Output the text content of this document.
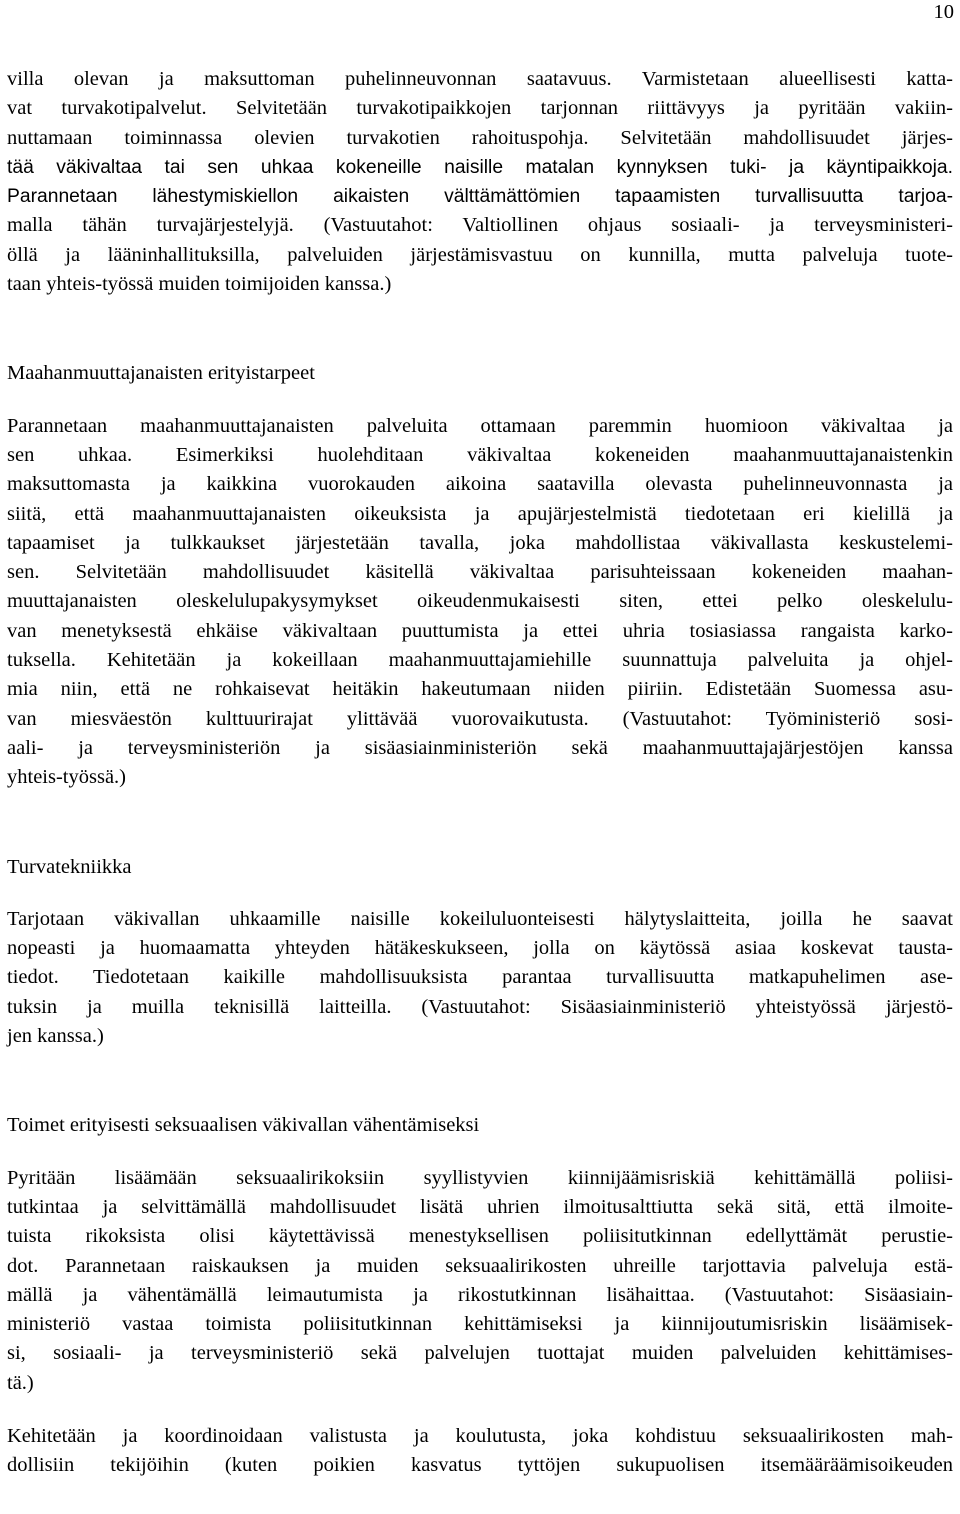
10
villa olevan ja maksuttoman puhelinneuvonnan saatavuus. Varmistetaan alueellisesti katta-
vat turvakotipalvelut. Selvitetään turvakotipaikkojen tarjonnan riittävyys ja pyritään vakiin-
nuttamaan toiminnassa olevien turvakotien rahoituspohja. Selvitetään mahdollisuudet järjes-
tää väkivaltaa tai sen uhkaa kokeneille naisille matalan kynnyksen tuki- ja käyntipaikkoja.
Parannetaan lähestymiskiellon aikaisten välttämättömien tapaamisten turvallisuutta tarjoa-
malla tähän turvajärjestelyjä. (Vastuutahot: Valtiollinen ohjaus sosiaali- ja terveysministeri-
öllä ja lääninhallituksilla, palveluiden järjestämisvastuu on kunnilla, mutta palveluja tuote-
taan yhteis-työssä muiden toimijoiden kanssa.)
Maahanmuuttajanaisten erityistarpeet
Parannetaan maahanmuuttajanaisten palveluita ottamaan paremmin huomioon väkivaltaa ja
sen uhkaa. Esimerkiksi huolehditaan väkivaltaa kokeneiden maahanmuuttajanaistenkin
maksuttomasta ja kaikkina vuorokauden aikoina saatavilla olevasta puhelinneuvonnasta ja
siitä, että maahanmuuttajanaisten oikeuksista ja apujärjestelmistä tiedotetaan eri kielillä ja
tapaamiset ja tulkkaukset järjestetään tavalla, joka mahdollistaa väkivallasta keskustelemi-
sen. Selvitetään mahdollisuudet käsitellä väkivaltaa parisuhteissaan kokeneiden maahan-
muuttajanaisten oleskelulupakysymykset oikeudenmukaisesti siten, ettei pelko oleskelulu-
van menetyksestä ehkäise väkivaltaan puuttumista ja ettei uhria tosiasiassa rangaista karko-
tuksella. Kehitetään ja kokeillaan maahanmuuttajamiehille suunnattuja palveluita ja ohjel-
mia niin, että ne rohkaisevat heitäkin hakeutumaan niiden piiriin. Edistetään Suomessa asu-
van miesväestön kulttuurirajat ylittävää vuorovaikutusta. (Vastuutahot: Työministeriö sosi-
aali- ja terveysministeriön ja sisäasiainministeriön sekä maahanmuuttajajärjestöjen kanssa
yhteis-työssä.)
Turvatekniikka
Tarjotaan väkivallan uhkaamille naisille kokeiluluonteisesti hälytyslaitteita, joilla he saavat
nopeasti ja huomaamatta yhteyden hätäkeskukseen, jolla on käytössä asiaa koskevat tausta-
tiedot. Tiedotetaan kaikille mahdollisuuksista parantaa turvallisuutta matkapuhelimen ase-
tuksin ja muilla teknisillä laitteilla. (Vastuutahot: Sisäasiainministeriö yhteistyössä järjestö-
jen kanssa.)
Toimet erityisesti seksuaalisen väkivallan vähentämiseksi
Pyritään lisäämään seksuaalirikoksiin syyllistyvien kiinnijäämisriskiä kehittämällä poliisi-
tutkintaa ja selvittämällä mahdollisuudet lisätä uhrien ilmoitusalttiutta sekä sitä, että ilmoite-
tuista rikoksista olisi käytettävissä menestyksellisen poliisitutkinnan edellyttämät perustie-
dot. Parannetaan raiskauksen ja muiden seksuaalirikosten uhreille tarjottavia palveluja estä-
mällä ja vähentämällä leimautumista ja rikostutkinnan lisähaittaa. (Vastuutahot: Sisäasiain-
ministeriö vastaa toimista poliisitutkinnan kehittämiseksi ja kiinnijoutumisriskin lisäämisek-
si, sosiaali- ja terveysministeriö sekä palvelujen tuottajat muiden palveluiden kehittämises-
tä.)
Kehitetään ja koordinoidaan valistusta ja koulutusta, joka kohdistuu seksuaalirikosten mah-
dollisiin tekijöihin (kuten poikien kasvatus tyttöjen sukupuolisen itsemääräämisoikeuden
